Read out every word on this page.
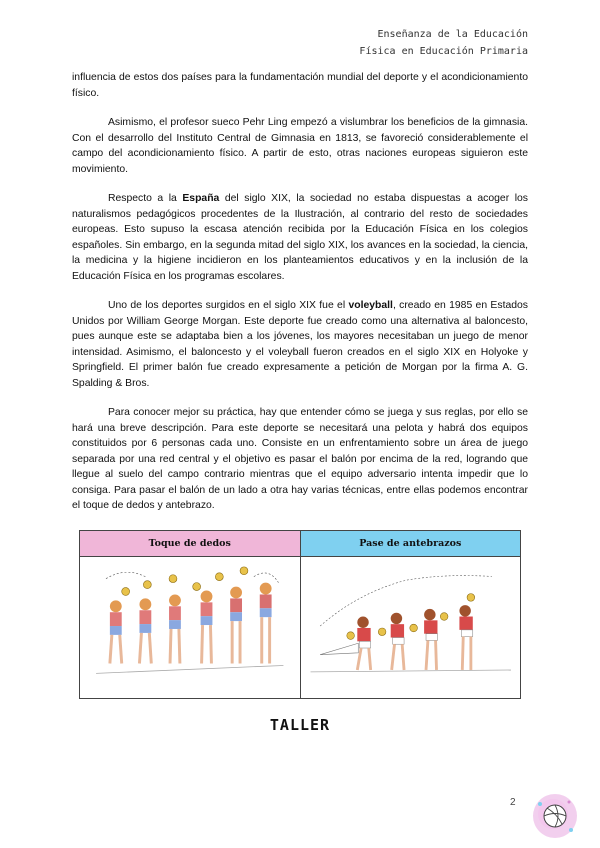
Enseñanza de la Educación
Física en Educación Primaria

influencia de estos dos países para la fundamentación mundial del deporte y el acondicionamiento físico.

Asimismo, el profesor sueco Pehr Ling empezó a vislumbrar los beneficios de la gimnasia. Con el desarrollo del Instituto Central de Gimnasia en 1813, se favoreció considerablemente el campo del acondicionamiento físico. A partir de esto, otras naciones europeas siguieron este movimiento.

Respecto a la España del siglo XIX, la sociedad no estaba dispuestas a acoger los naturalismos pedagógicos procedentes de la Ilustración, al contrario del resto de sociedades europeas. Esto supuso la escasa atención recibida por la Educación Física en los colegios españoles. Sin embargo, en la segunda mitad del siglo XIX, los avances en la sociedad, la ciencia, la medicina y la higiene incidieron en los planteamientos educativos y en la inclusión de la Educación Física en los programas escolares.

Uno de los deportes surgidos en el siglo XIX fue el voleyball, creado en 1985 en Estados Unidos por William George Morgan. Este deporte fue creado como una alternativa al baloncesto, pues aunque este se adaptaba bien a los jóvenes, los mayores necesitaban un juego de menor intensidad. Asimismo, el baloncesto y el voleyball fueron creados en el siglo XIX en Holyoke y Springfield. El primer balón fue creado expresamente a petición de Morgan por la firma A. G. Spalding & Bros.

Para conocer mejor su práctica, hay que entender cómo se juega y sus reglas, por ello se hará una breve descripción. Para este deporte se necesitará una pelota y habrá dos equipos constituidos por 6 personas cada uno. Consiste en un enfrentamiento sobre un área de juego separada por una red central y el objetivo es pasar el balón por encima de la red, logrando que llegue al suelo del campo contrario mientras que el equipo adversario intenta impedir que lo consiga. Para pasar el balón de un lado a otra hay varias técnicas, entre ellas podemos encontrar el toque de dedos y antebrazo.

Toque de dedos	Pase de antebrazos
TALLER
2
